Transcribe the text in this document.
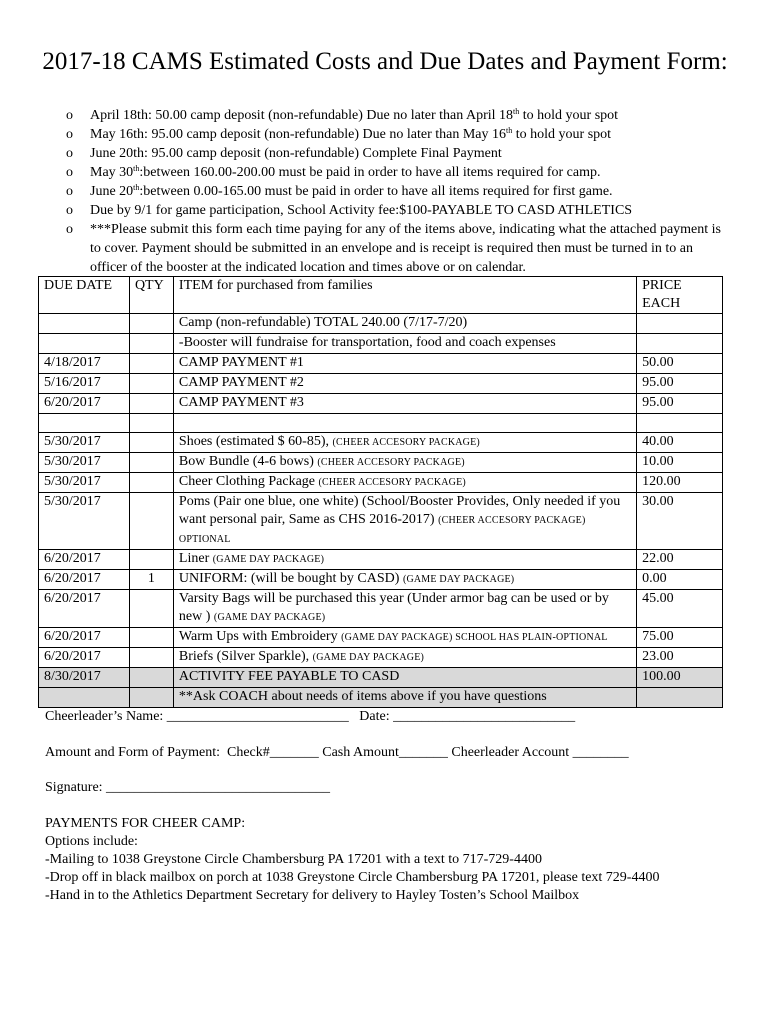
2017-18 CAMS Estimated Costs and Due Dates and Payment Form:
o April 18th: 50.00 camp deposit (non-refundable) Due no later than April 18th to hold your spot
o May 16th: 95.00 camp deposit (non-refundable) Due no later than May 16th to hold your spot
o June 20th: 95.00 camp deposit (non-refundable) Complete Final Payment
o May 30th:between 160.00-200.00 must be paid in order to have all items required for camp.
o June 20th:between 0.00-165.00 must be paid in order to have all items required for first game.
o Due by 9/1 for game participation, School Activity fee:$100-PAYABLE TO CASD ATHLETICS
o ***Please submit this form each time paying for any of the items above, indicating what the attached payment is to cover. Payment should be submitted in an envelope and is receipt is required then must be turned in to an officer of the booster at the indicated location and times above or on calendar.
DUE DATE	QTY	ITEM for purchased from families	PRICE EACH
		Camp (non-refundable) TOTAL 240.00 (7/17-7/20)	
		-Booster will fundraise for transportation, food and coach expenses	
4/18/2017		CAMP PAYMENT #1	50.00
5/16/2017		CAMP PAYMENT #2	95.00
6/20/2017		CAMP PAYMENT #3	95.00

5/30/2017		Shoes (estimated $ 60-85), (CHEER ACCESORY PACKAGE)	40.00
5/30/2017		Bow Bundle (4-6 bows) (CHEER ACCESORY PACKAGE)	10.00
5/30/2017		Cheer Clothing Package (CHEER ACCESORY PACKAGE)	120.00
5/30/2017		Poms (Pair one blue, one white) (School/Booster Provides, Only needed if you want personal pair, Same as CHS 2016-2017) (CHEER ACCESORY PACKAGE) OPTIONAL	30.00
6/20/2017		Liner (GAME DAY PACKAGE)	22.00
6/20/2017	1	UNIFORM: (will be bought by CASD) (GAME DAY PACKAGE)	0.00
6/20/2017		Varsity Bags will be purchased this year (Under armor bag can be used or by new ) (GAME DAY PACKAGE)	45.00
6/20/2017		Warm Ups with Embroidery (GAME DAY PACKAGE) SCHOOL HAS PLAIN-OPTIONAL	75.00
6/20/2017		Briefs (Silver Sparkle), (GAME DAY PACKAGE)	23.00
8/30/2017		ACTIVITY FEE PAYABLE TO CASD	100.00
		**Ask COACH about needs of items above if you have questions	
Cheerleader’s Name: __________________________   Date: __________________________
Amount and Form of Payment:  Check#_______ Cash Amount_______ Cheerleader Account ________
Signature: ________________________________
PAYMENTS FOR CHEER CAMP:
Options include:
-Mailing to 1038 Greystone Circle Chambersburg PA 17201 with a text to 717-729-4400
-Drop off in black mailbox on porch at 1038 Greystone Circle Chambersburg PA 17201, please text 729-4400
-Hand in to the Athletics Department Secretary for delivery to Hayley Tosten’s School Mailbox
